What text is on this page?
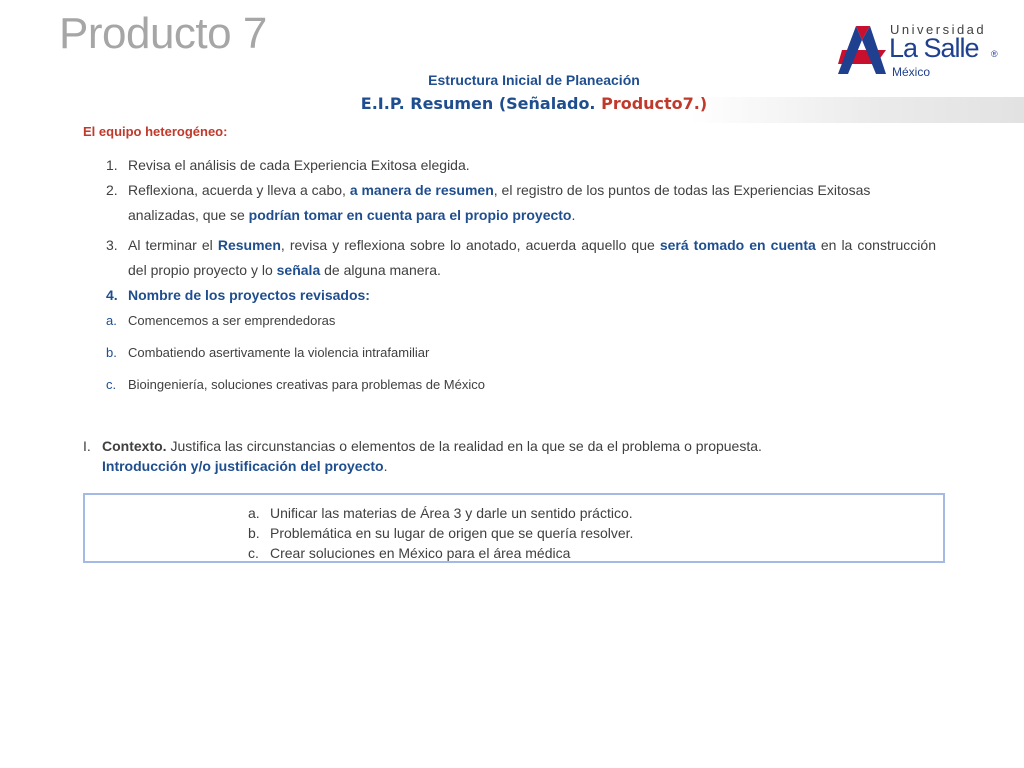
Producto 7	Universidad
La Salle ®
México
Estructura Inicial de Planeación
E.I.P. Resumen (Señalado. Producto7.)
El equipo heterogéneo:
1. Revisa el análisis de cada Experiencia Exitosa elegida.
2. Reflexiona, acuerda y lleva a cabo, a manera de resumen, el registro de los puntos de todas las Experiencias Exitosas analizadas, que se podrían tomar en cuenta para el propio proyecto.
3. Al terminar el Resumen, revisa y reflexiona sobre lo anotado, acuerda aquello que será tomado en cuenta en la construcción del propio proyecto y lo señala de alguna manera.
4. Nombre de los proyectos revisados:
a. Comencemos a ser emprendedoras
b. Combatiendo asertivamente la violencia intrafamiliar
c. Bioingeniería, soluciones creativas para problemas de México
I. Contexto. Justifica las circunstancias o elementos de la realidad en la que se da el problema o propuesta.
Introducción y/o justificación del proyecto.
a. Unificar las materias de Área 3 y darle un sentido práctico.
b. Problemática en su lugar de origen que se quería resolver.
c. Crear soluciones en México para el área médica
